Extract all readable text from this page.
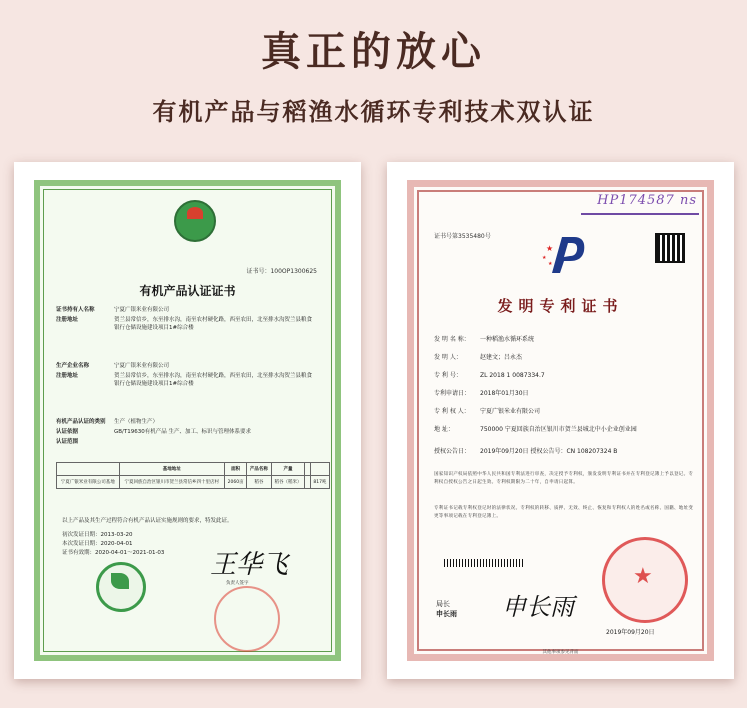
真正的放心
有机产品与稻渔水循环专利技术双认证
证书号：100OP1300625
有机产品认证证书
证书持有人名称	宁夏广银米业有限公司
注册地址	贺兰县常信乡，东至排水沟，南至农村硬化路，西至农田，北至排水沟贺兰县粮食银行仓储设施建设项目1#综合楼
生产企业名称	宁夏广银米业有限公司
注册地址	贺兰县常信乡，东至排水沟，南至农村硬化路，西至农田，北至排水沟贺兰县粮食银行仓储设施建设项目1#综合楼
有机产品认证的类别 生产（植物生产）
认证依据	GB/T19630有机产品 生产、加工、标识与管理体系要求
认证范围
	基地地址	面积	产品名称	产量		
宁夏广银米业有限公司基地	宁夏回族自治区银川市贺兰县常信乡四十里店村	2060亩	稻谷	稻谷（稻米）		817吨
以上产品及其生产过程符合有机产品认证实施规则的要求，特发此证。
初次发证日期：2013-03-20
本次发证日期：2020-04-01
证书有效期：2020-04-01～2021-01-03 王华飞
负责人签字
HP174587 ns
证书号第3535480号
★
★
★
发明专利证书
发 明 名 称： 一种稻渔水循环系统
发 明 人：	赵建文；吕永杰
专 利 号：	ZL 2018 1 0087334.7
专利申请日： 2018年01月30日
专 利 权 人： 宁夏广银米业有限公司
地 址：	750000 宁夏回族自治区银川市贺兰县城北中小企业创业园
授权公告日： 2019年09月20日 授权公告号：CN 108207324 B
国家知识产权局依照中华人民共和国专利法进行审查，决定授予专利权，颁发发明专利证书并在专利登记簿上予以登记。专利权自授权公告之日起生效。专利权期限为二十年，自申请日起算。
专利证书记载专利权登记时的法律状况。专利权的转移、质押、无效、终止、恢复和专利权人的姓名或名称、国籍、地址变更等事项记载在专利登记簿上。
局长
申长雨 申长雨
★
2019年09月20日
其他事项参见背面
